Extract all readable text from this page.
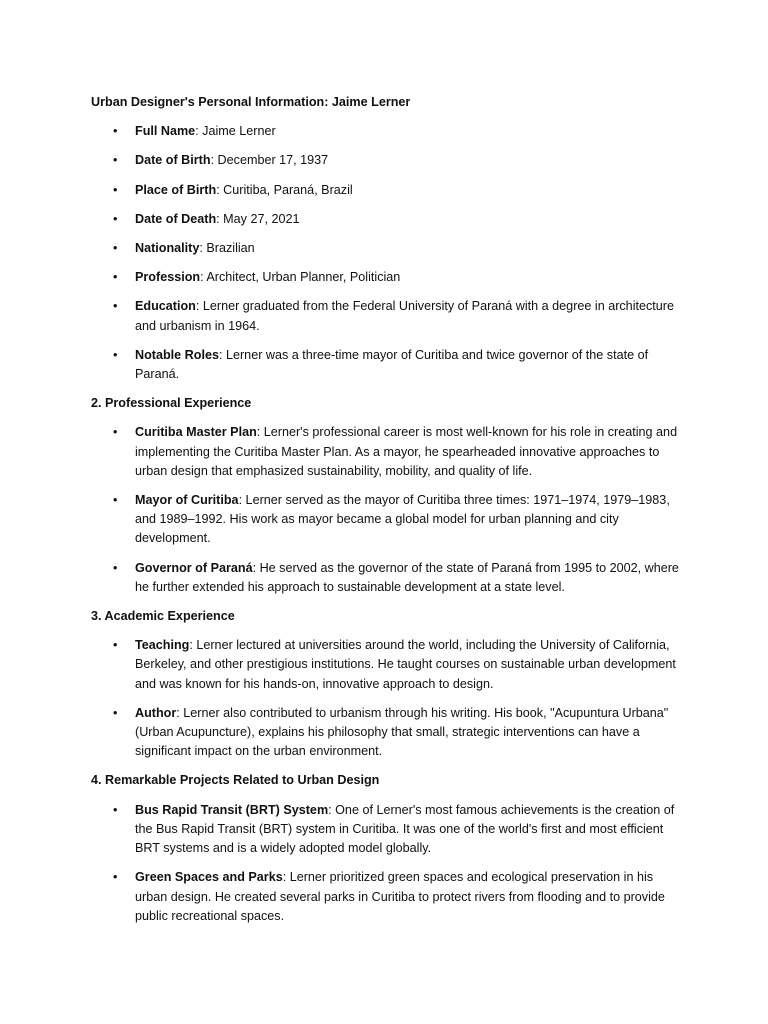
Urban Designer's Personal Information: Jaime Lerner
• Full Name: Jaime Lerner
• Date of Birth: December 17, 1937
• Place of Birth: Curitiba, Paraná, Brazil
• Date of Death: May 27, 2021
• Nationality: Brazilian
• Profession: Architect, Urban Planner, Politician
• Education: Lerner graduated from the Federal University of Paraná with a degree in architecture and urbanism in 1964.
• Notable Roles: Lerner was a three-time mayor of Curitiba and twice governor of the state of Paraná.
2. Professional Experience
• Curitiba Master Plan: Lerner's professional career is most well-known for his role in creating and implementing the Curitiba Master Plan. As a mayor, he spearheaded innovative approaches to urban design that emphasized sustainability, mobility, and quality of life.
• Mayor of Curitiba: Lerner served as the mayor of Curitiba three times: 1971–1974, 1979–1983, and 1989–1992. His work as mayor became a global model for urban planning and city development.
• Governor of Paraná: He served as the governor of the state of Paraná from 1995 to 2002, where he further extended his approach to sustainable development at a state level.
3. Academic Experience
• Teaching: Lerner lectured at universities around the world, including the University of California, Berkeley, and other prestigious institutions. He taught courses on sustainable urban development and was known for his hands-on, innovative approach to design.
• Author: Lerner also contributed to urbanism through his writing. His book, "Acupuntura Urbana" (Urban Acupuncture), explains his philosophy that small, strategic interventions can have a significant impact on the urban environment.
4. Remarkable Projects Related to Urban Design
• Bus Rapid Transit (BRT) System: One of Lerner's most famous achievements is the creation of the Bus Rapid Transit (BRT) system in Curitiba. It was one of the world's first and most efficient BRT systems and is a widely adopted model globally.
• Green Spaces and Parks: Lerner prioritized green spaces and ecological preservation in his urban design. He created several parks in Curitiba to protect rivers from flooding and to provide public recreational spaces.
